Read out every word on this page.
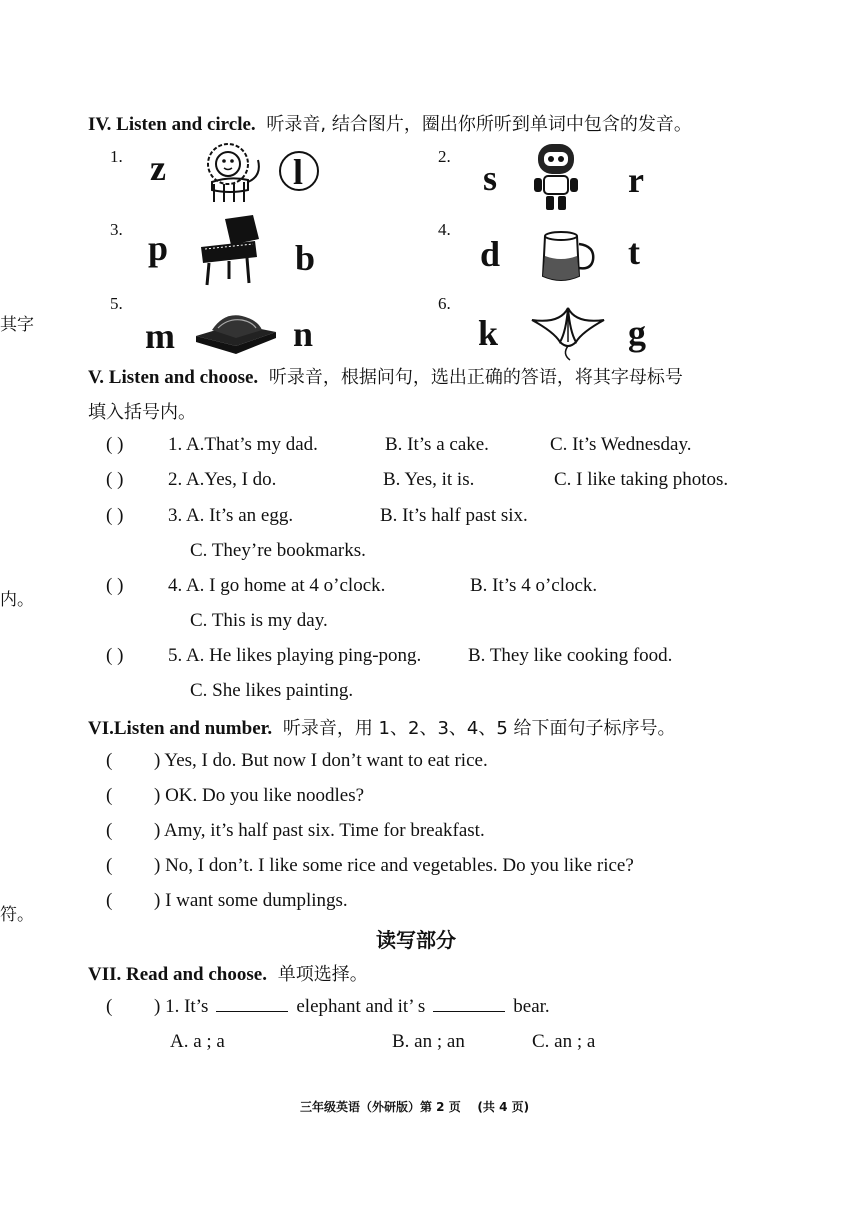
其字
内。
符。
IV. Listen and circle. 听录音, 结合图片，圈出你所听到单词中包含的发音。
1. z	l	2.
s	r
3. p	b
4.
d	t
5.
m	n
6.
k	g
V. Listen and choose. 听录音，根据问句，选出正确的答语，将其字母标号
填入括号内。
( ) 1. A.That’s my dad.	B. It’s a cake.	C. It’s Wednesday.
( ) 2. A.Yes, I do.	B. Yes, it is.	C. I like taking photos.
( ) 3. A. It’s an egg.	B. It’s half past six.
C. They’re bookmarks.
( ) 4. A. I go home at 4 o’clock.	B. It’s 4 o’clock.
C. This is my day.
( ) 5. A. He likes playing ping-pong. B. They like cooking food.
C. She likes painting.
VI.Listen and number. 听录音，用 1、2、3、4、5 给下面句子标序号。
( ) Yes, I do. But now I don’t want to eat rice.
( ) OK. Do you like noodles?
( ) Amy, it’s half past six. Time for breakfast.
( ) No, I don’t. I like some rice and vegetables. Do you like rice?
( ) I want some dumplings.
读写部分
VII. Read and choose. 单项选择。
( ) 1. It’s	elephant and it’ s	bear.
A. a ; a	B. an ; an	C. an ; a
三年级英语（外研版）第 2 页    (共 4 页)
